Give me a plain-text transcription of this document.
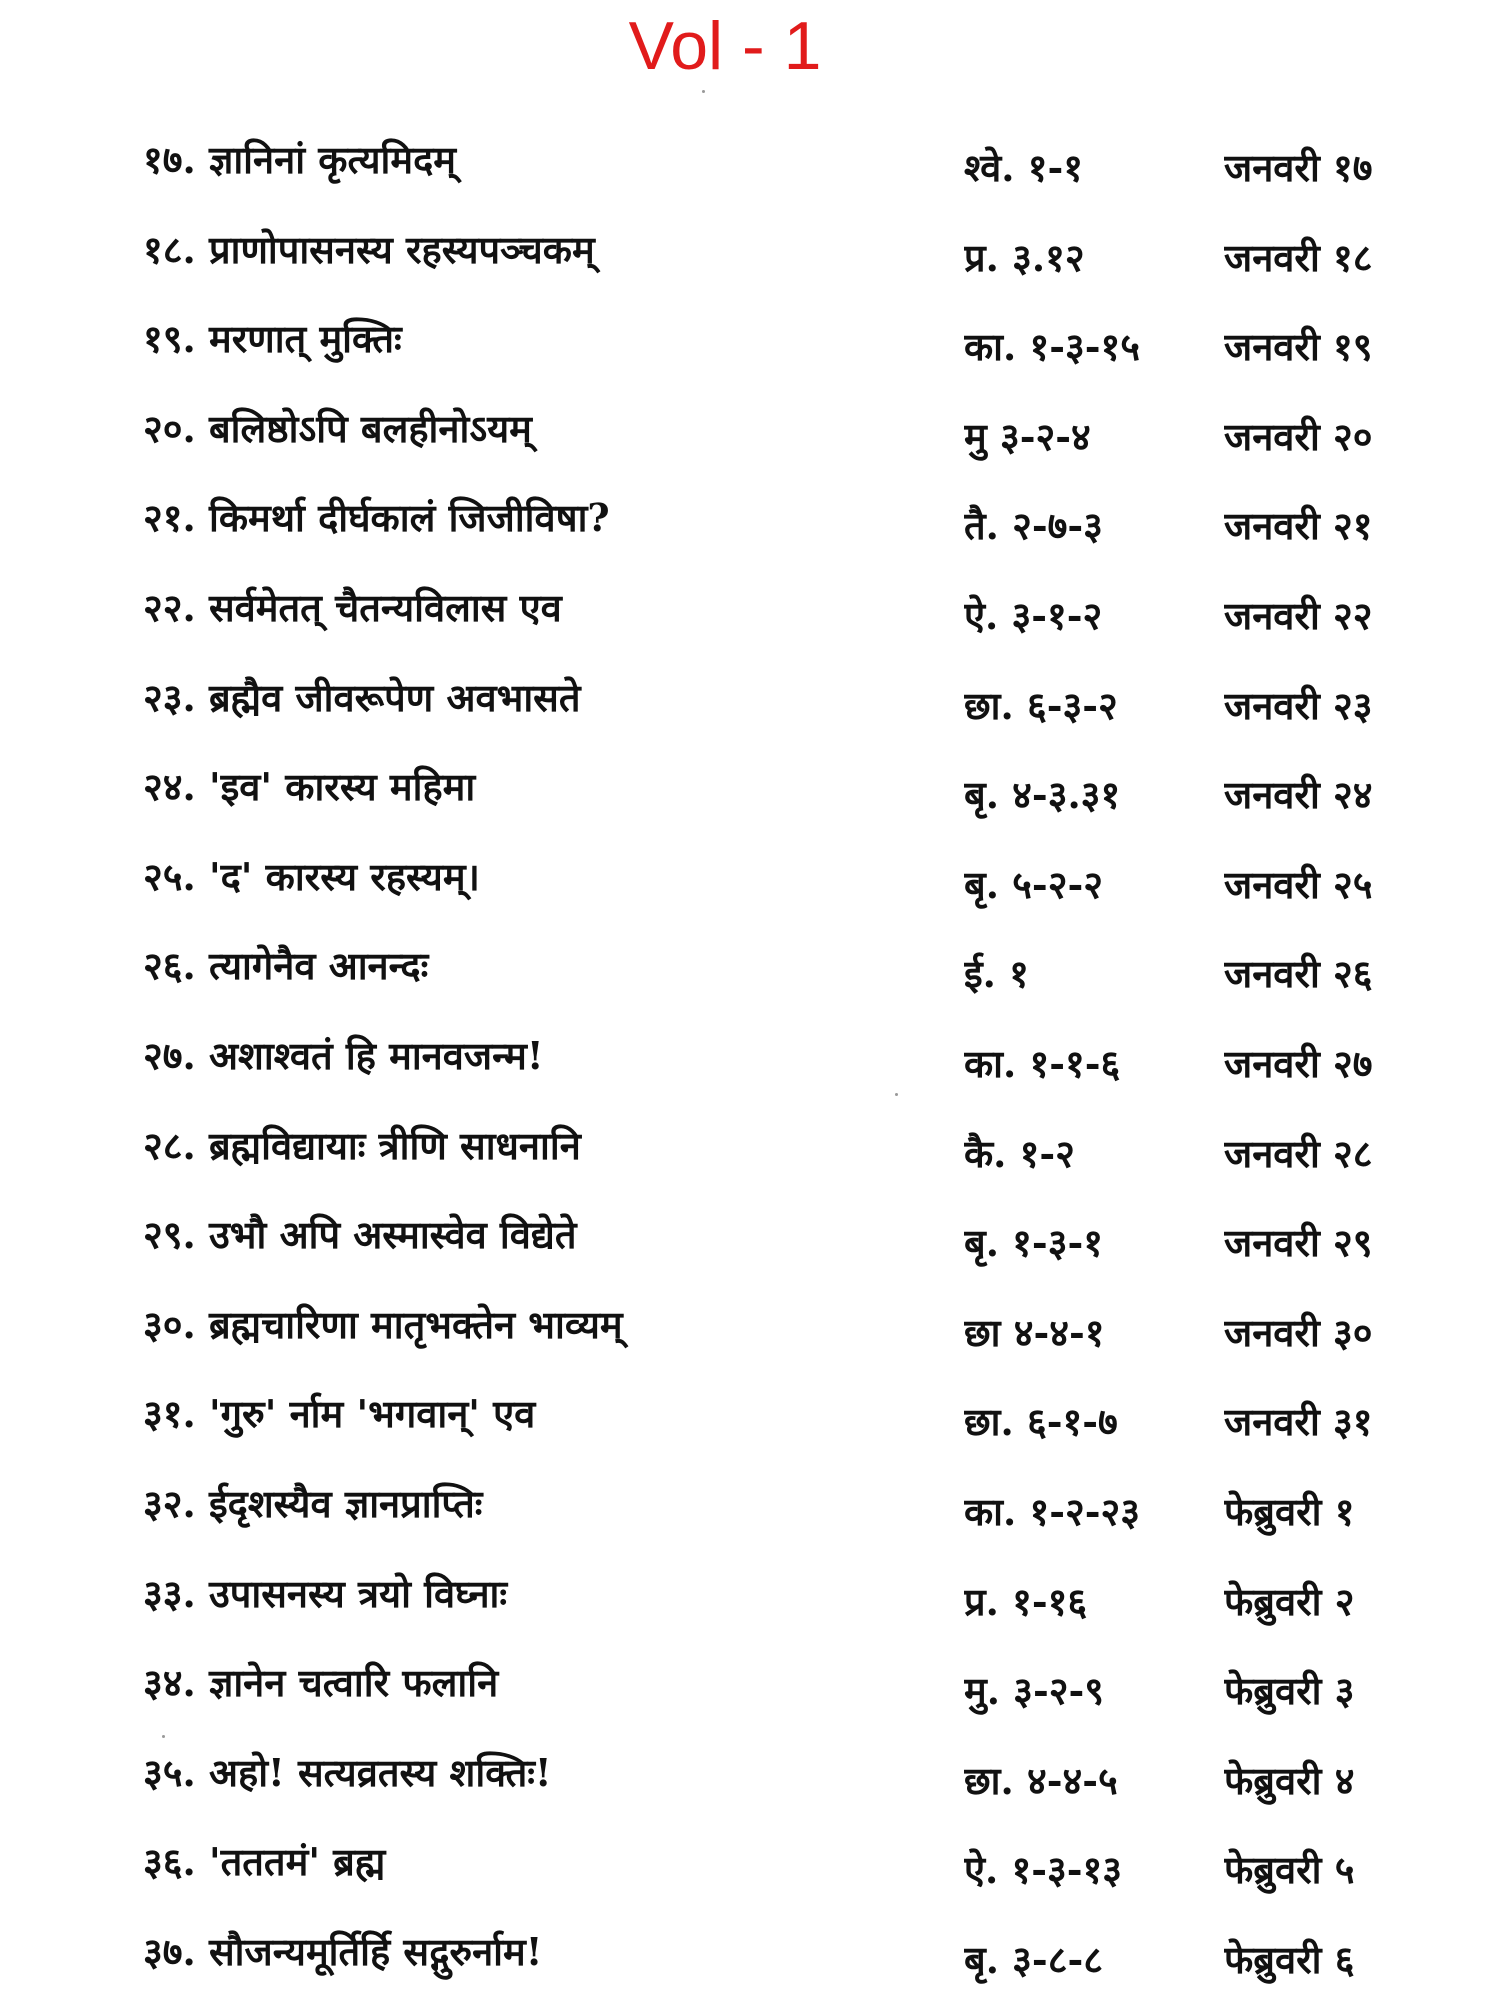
Vol - 1
१७. ज्ञानिनां कृत्यमिदम्	श्वे. १-१	जनवरी १७
१८. प्राणोपासनस्य रहस्यपञ्चकम्	प्र. ३.१२	जनवरी १८
१९. मरणात् मुक्तिः	का. १-३-१५	जनवरी १९
२०. बलिष्ठोऽपि बलहीनोऽयम्	मु ३-२-४	जनवरी २०
२१. किमर्था दीर्घकालं जिजीविषा?	तै. २-७-३	जनवरी २१
२२. सर्वमेतत् चैतन्यविलास एव	ऐ. ३-१-२	जनवरी २२
२३. ब्रह्मैव जीवरूपेण अवभासते	छा. ६-३-२	जनवरी २३
२४. 'इव' कारस्य महिमा	बृ. ४-३.३१	जनवरी २४
२५. 'द' कारस्य रहस्यम्।	बृ. ५-२-२	जनवरी २५
२६. त्यागेनैव आनन्दः	ई. १	जनवरी २६
२७. अशाश्वतं हि मानवजन्म!	का. १-१-६	जनवरी २७
२८. ब्रह्मविद्यायाः त्रीणि साधनानि	कै. १-२	जनवरी २८
२९. उभौ अपि अस्मास्वेव विद्येते	बृ. १-३-१	जनवरी २९
३०. ब्रह्मचारिणा मातृभक्तेन भाव्यम्	छा ४-४-१	जनवरी ३०
३१. 'गुरु' र्नाम 'भगवान्' एव	छा. ६-१-७	जनवरी ३१
३२. ईदृशस्यैव ज्ञानप्राप्तिः	का. १-२-२३	फेब्रुवरी १
३३. उपासनस्य त्रयो विघ्नाः	प्र. १-१६	फेब्रुवरी २
३४. ज्ञानेन चत्वारि फलानि	मु. ३-२-९	फेब्रुवरी ३
३५. अहो! सत्यव्रतस्य शक्तिः!	छा. ४-४-५	फेब्रुवरी ४
३६. 'तततमं' ब्रह्म	ऐ. १-३-१३	फेब्रुवरी ५
३७. सौजन्यमूर्तिर्हि सद्गुरुर्नाम!	बृ. ३-८-८	फेब्रुवरी ६
